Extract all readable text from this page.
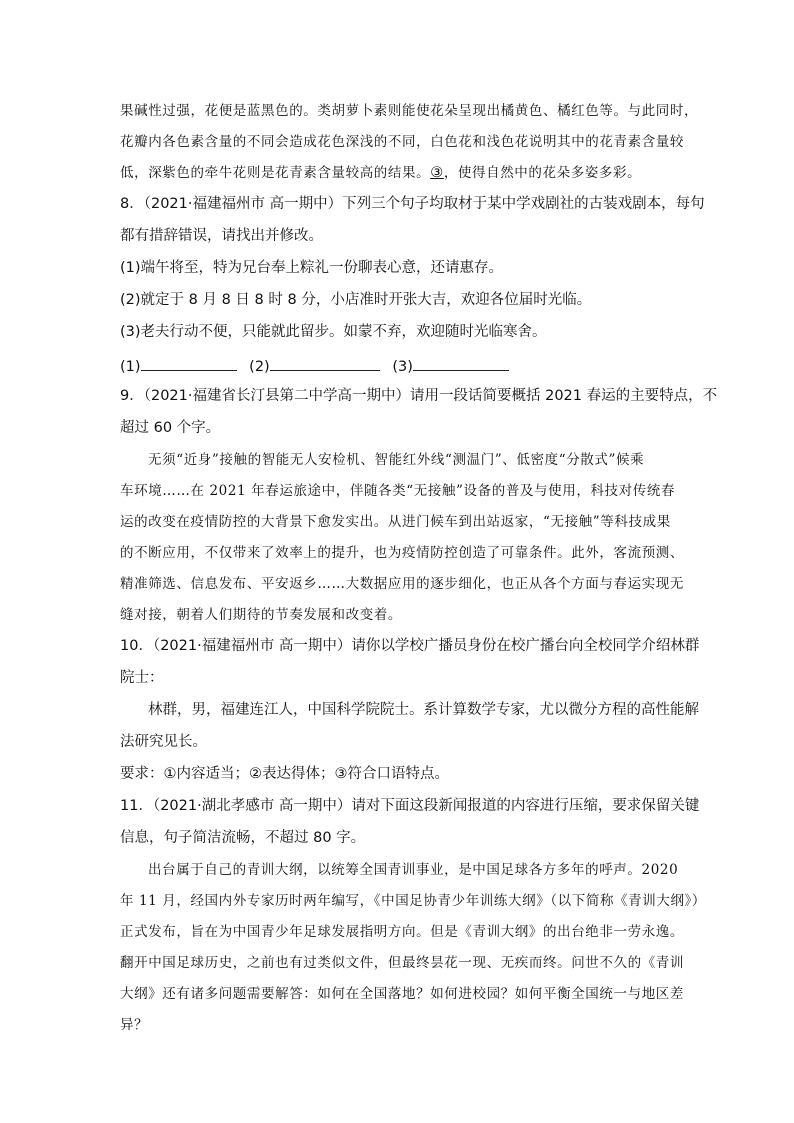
果碱性过强，花便是蓝黑色的。类胡萝卜素则能使花朵呈现出橘黄色、橘红色等。与此同时，
花瓣内各色素含量的不同会造成花色深浅的不同，白色花和浅色花说明其中的花青素含量较
低，深紫色的牵牛花则是花青素含量较高的结果。③，使得自然中的花朵多姿多彩。
8．（2021·福建福州市 高一期中）下列三个句子均取材于某中学戏剧社的古装戏剧本，每句
都有措辞错误，请找出并修改。
(1)端午将至，特为兄台奉上粽礼一份聊表心意，还请惠存。
(2)就定于 8 月 8 日 8 时 8 分，小店准时开张大吉，欢迎各位届时光临。
(3)老夫行动不便，只能就此留步。如蒙不弃，欢迎随时光临寒舍。
(1)	(2)	(3)
9．（2021·福建省长汀县第二中学高一期中）请用一段话简要概括 2021 春运的主要特点，不
超过 60 个字。
无须“近身”接触的智能无人安检机、智能红外线“测温门”、低密度“分散式”候乘
车环境……在 2021 年春运旅途中，伴随各类“无接触”设备的普及与使用，科技对传统春
运的改变在疫情防控的大背景下愈发实出。从进门候车到出站返家，“无接触”等科技成果
的不断应用，不仅带来了效率上的提升，也为疫情防控创造了可靠条件。此外，客流预测、
精准筛选、信息发布、平安返乡……大数据应用的逐步细化，也正从各个方面与春运实现无
缝对接，朝着人们期待的节奏发展和改变着。
10．（2021·福建福州市 高一期中）请你以学校广播员身份在校广播台向全校同学介绍林群
院士：
林群，男，福建连江人，中国科学院院士。系计算数学专家，尤以微分方程的高性能解
法研究见长。
要求：①内容适当；②表达得体；③符合口语特点。
11．（2021·湖北孝感市 高一期中）请对下面这段新闻报道的内容进行压缩，要求保留关键
信息，句子简洁流畅，不超过 80 字。
出台属于自己的青训大纲，以统筹全国青训事业，是中国足球各方多年的呼声。2020
年 11 月，经国内外专家历时两年编写，《中国足协青少年训练大纲》（以下简称《青训大纲》）
正式发布，旨在为中国青少年足球发展指明方向。但是《青训大纲》的出台绝非一劳永逸。
翻开中国足球历史，之前也有过类似文件，但最终昙花一现、无疾而终。问世不久的《青训
大纲》还有诸多问题需要解答：如何在全国落地？如何进校园？如何平衡全国统一与地区差
异？
